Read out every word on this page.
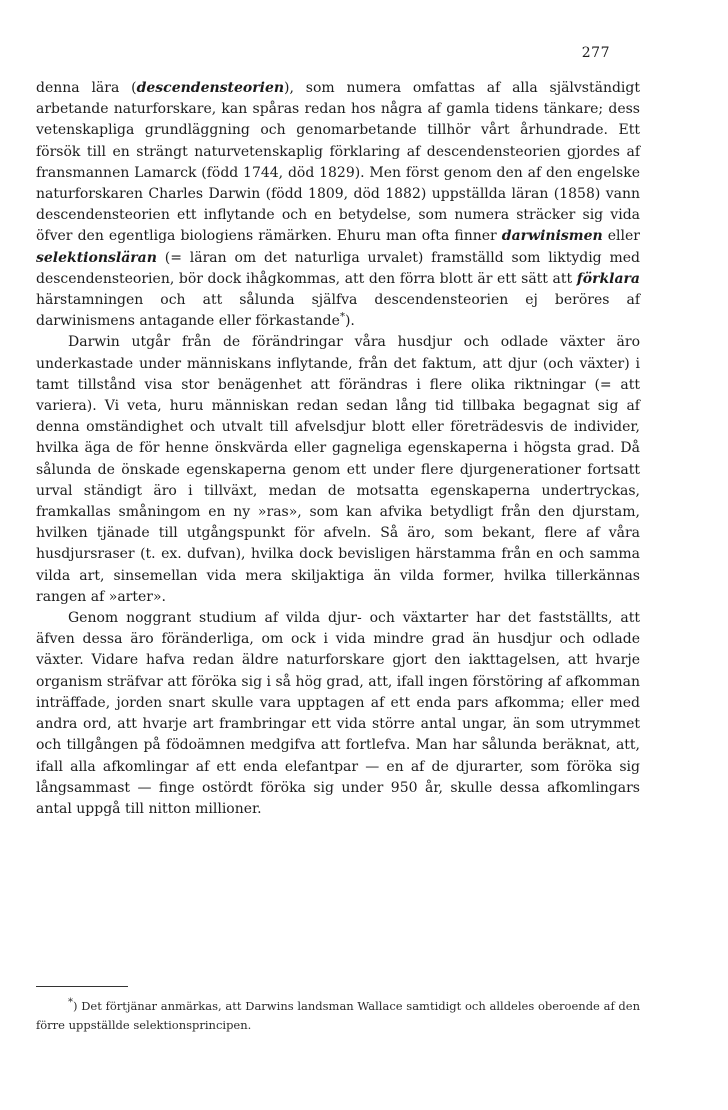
277

denna lära (descendensteorien), som numera omfattas af alla självständigt arbetande naturforskare, kan spåras redan hos några af gamla tidens tänkare; dess vetenskapliga grundläggning och genomarbetande tillhör vårt århundrade. Ett försök till en strängt naturvetenskaplig förklaring af descendensteorien gjordes af fransmannen Lamarck (född 1744, död 1829). Men först genom den af den engelske naturforskaren Charles Darwin (född 1809, död 1882) uppställda läran (1858) vann descendensteorien ett inflytande och en betydelse, som numera sträcker sig vida öfver den egentliga biologiens rämärken. Ehuru man ofta finner darwinismen eller selektionsläran (= läran om det naturliga urvalet) framställd som liktydig med descendensteorien, bör dock ihågkommas, att den förra blott är ett sätt att förklara härstamningen och att sålunda själfva descendensteorien ej beröres af darwinismens antagande eller förkastande*).

Darwin utgår från de förändringar våra husdjur och odlade växter äro underkastade under människans inflytande, från det faktum, att djur (och växter) i tamt tillstånd visa stor benägenhet att förändras i flere olika riktningar (= att variera). Vi veta, huru människan redan sedan lång tid tillbaka begagnat sig af denna omständighet och utvalt till afvelsdjur blott eller företrädesvis de individer, hvilka äga de för henne önskvärda eller gagneliga egenskaperna i högsta grad. Då sålunda de önskade egenskaperna genom ett under flere djurgenerationer fortsatt urval ständigt äro i tillväxt, medan de motsatta egenskaperna undertryckas, framkallas småningom en ny »ras», som kan afvika betydligt från den djurstam, hvilken tjänade till utgångspunkt för afveln. Så äro, som bekant, flere af våra husdjursraser (t. ex. dufvan), hvilka dock bevisligen härstamma från en och samma vilda art, sinsemellan vida mera skiljaktiga än vilda former, hvilka tillerkännas rangen af »arter».

Genom noggrant studium af vilda djur- och växtarter har det fastställts, att äfven dessa äro föränderliga, om ock i vida mindre grad än husdjur och odlade växter. Vidare hafva redan äldre naturforskare gjort den iakttagelsen, att hvarje organism sträfvar att föröka sig i så hög grad, att, ifall ingen förstöring af afkomman inträffade, jorden snart skulle vara upptagen af ett enda pars afkomma; eller med andra ord, att hvarje art frambringar ett vida större antal ungar, än som utrymmet och tillgången på födoämnen medgifva att fortlefva. Man har sålunda beräknat, att, ifall alla afkomlingar af ett enda elefantpar — en af de djurarter, som föröka sig långsammast — finge ostördt föröka sig under 950 år, skulle dessa afkomlingars antal uppgå till nitton millioner.

*) Det förtjänar anmärkas, att Darwins landsman Wallace samtidigt och alldeles oberoende af den förre uppställde selektionsprincipen.
